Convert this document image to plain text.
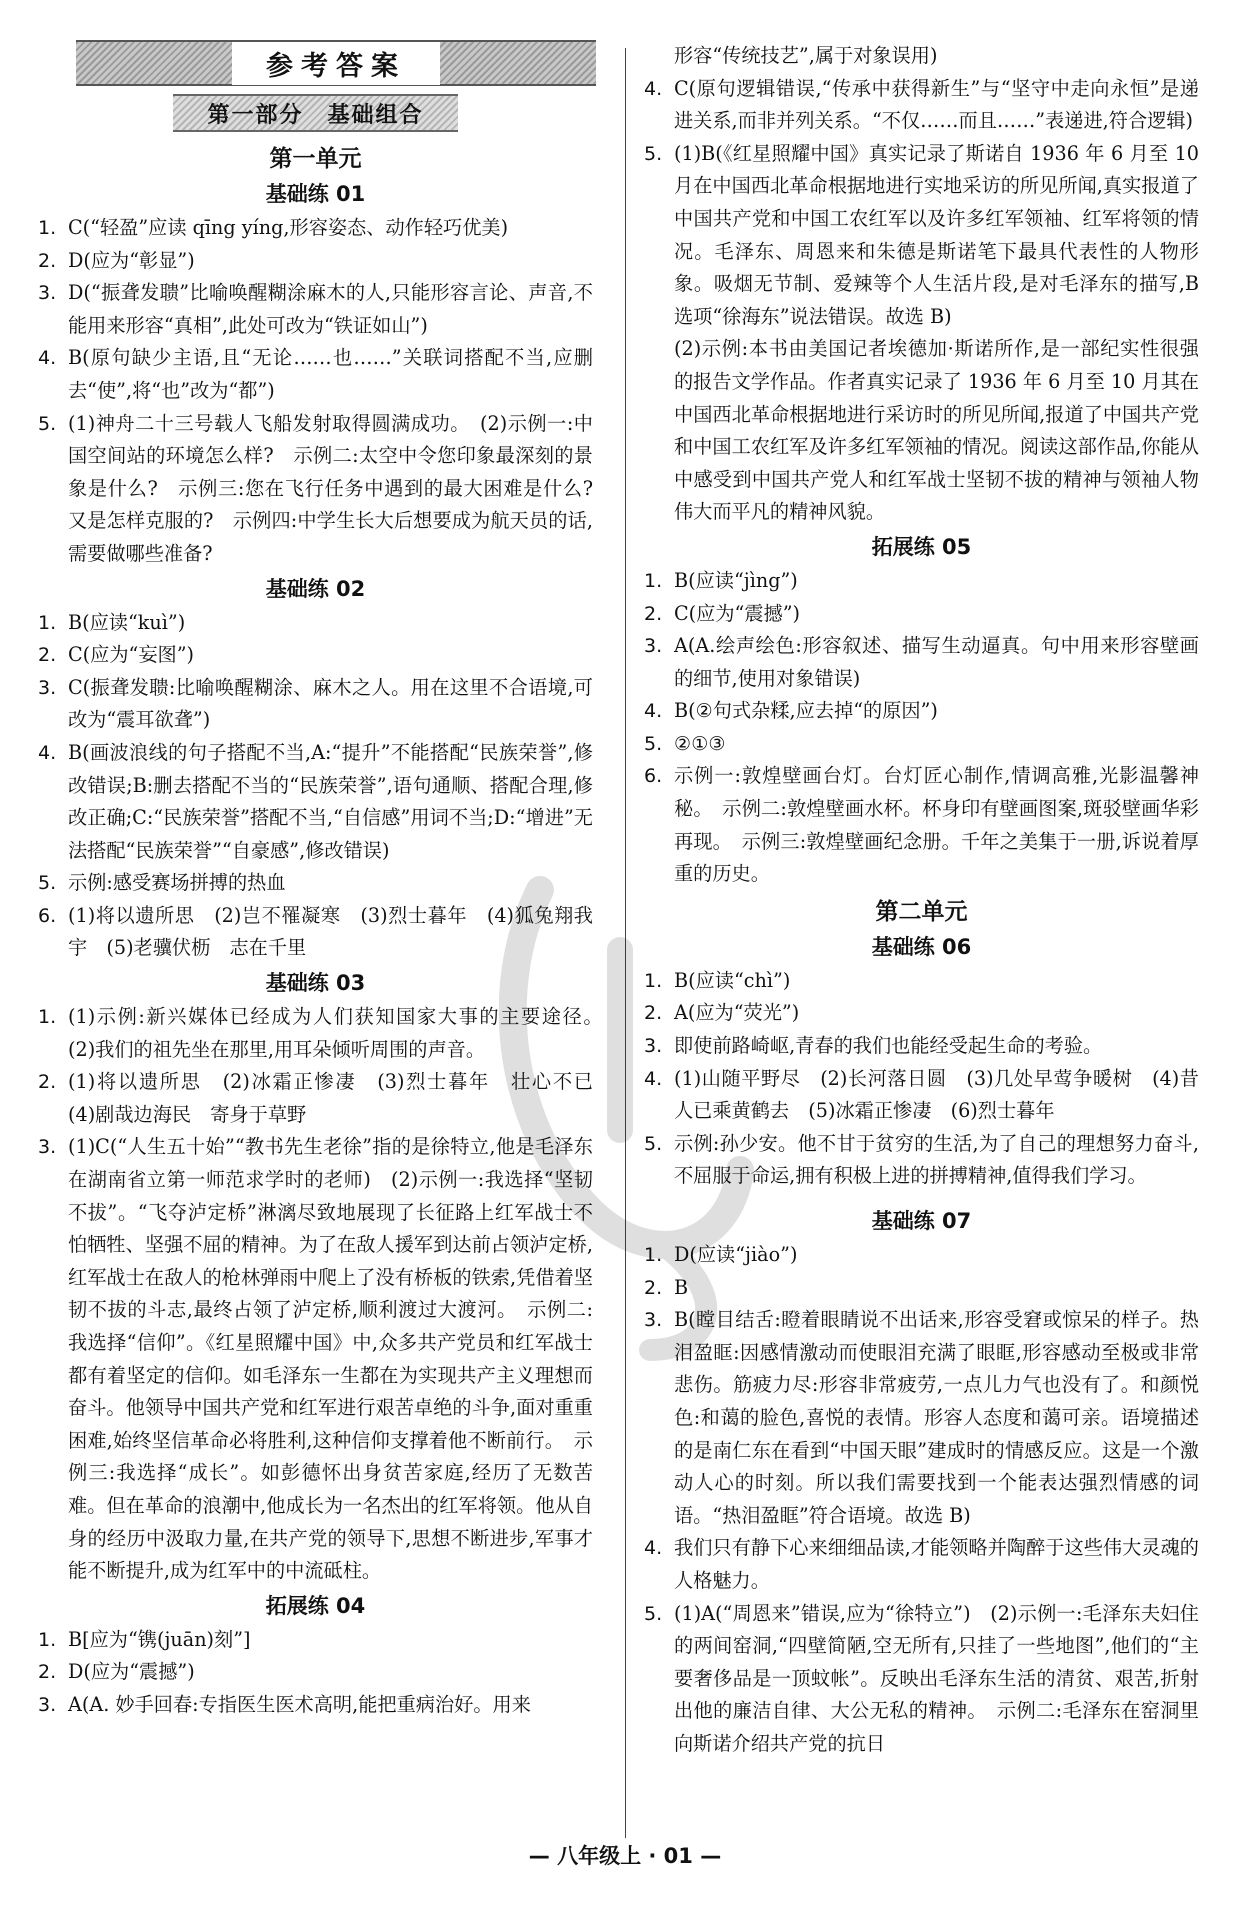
参考答案
第一部分　基础组合
第一单元
基础练 01
1. C(“轻盈”应读 qīng yíng,形容姿态、动作轻巧优美)
2. D(应为“彰显”)
3. D(“振聋发聩”比喻唤醒糊涂麻木的人,只能形容言论、声音,不能用来形容“真相”,此处可改为“铁证如山”)
4. B(原句缺少主语,且“无论……也……”关联词搭配不当,应删去“使”,将“也”改为“都”)
5. (1)神舟二十三号载人飞船发射取得圆满成功。　(2)示例一:中国空间站的环境怎么样?　示例二:太空中令您印象最深刻的景象是什么?　示例三:您在飞行任务中遇到的最大困难是什么?又是怎样克服的?　示例四:中学生长大后想要成为航天员的话,需要做哪些准备?
基础练 02
1. B(应读“kuì”)
2. C(应为“妄图”)
3. C(振聋发聩:比喻唤醒糊涂、麻木之人。用在这里不合语境,可改为“震耳欲聋”)
4. B(画波浪线的句子搭配不当,A:“提升”不能搭配“民族荣誉”,修改错误;B:删去搭配不当的“民族荣誉”,语句通顺、搭配合理,修改正确;C:“民族荣誉”搭配不当,“自信感”用词不当;D:“增进”无法搭配“民族荣誉”“自豪感”,修改错误)
5. 示例:感受赛场拼搏的热血
6. (1)将以遗所思　(2)岂不罹凝寒　(3)烈士暮年　(4)狐兔翔我宇　(5)老骥伏枥　志在千里
基础练 03
1. (1)示例:新兴媒体已经成为人们获知国家大事的主要途径。　(2)我们的祖先坐在那里,用耳朵倾听周围的声音。
2. (1)将以遗所思　(2)冰霜正惨凄　(3)烈士暮年　壮心不已　(4)剧哉边海民　寄身于草野
3. (1)C(“人生五十始”“教书先生老徐”指的是徐特立,他是毛泽东在湖南省立第一师范求学时的老师)　(2)示例一:我选择“坚韧不拔”。“飞夺泸定桥”淋漓尽致地展现了长征路上红军战士不怕牺牲、坚强不屈的精神。为了在敌人援军到达前占领泸定桥,红军战士在敌人的枪林弹雨中爬上了没有桥板的铁索,凭借着坚韧不拔的斗志,最终占领了泸定桥,顺利渡过大渡河。　示例二:我选择“信仰”。《红星照耀中国》中,众多共产党员和红军战士都有着坚定的信仰。如毛泽东一生都在为实现共产主义理想而奋斗。他领导中国共产党和红军进行艰苦卓绝的斗争,面对重重困难,始终坚信革命必将胜利,这种信仰支撑着他不断前行。　示例三:我选择“成长”。如彭德怀出身贫苦家庭,经历了无数苦难。但在革命的浪潮中,他成长为一名杰出的红军将领。他从自身的经历中汲取力量,在共产党的领导下,思想不断进步,军事才能不断提升,成为红军中的中流砥柱。
拓展练 04
1. B[应为“镌(juān)刻”]
2. D(应为“震撼”)
3. A(A. 妙手回春:专指医生医术高明,能把重病治好。用来
形容“传统技艺”,属于对象误用)
4. C(原句逻辑错误,“传承中获得新生”与“坚守中走向永恒”是递进关系,而非并列关系。“不仅……而且……”表递进,符合逻辑)
5. (1)B(《红星照耀中国》真实记录了斯诺自 1936 年 6 月至 10 月在中国西北革命根据地进行实地采访的所见所闻,真实报道了中国共产党和中国工农红军以及许多红军领袖、红军将领的情况。毛泽东、周恩来和朱德是斯诺笔下最具代表性的人物形象。吸烟无节制、爱辣等个人生活片段,是对毛泽东的描写,B 选项“徐海东”说法错误。故选 B)
(2)示例:本书由美国记者埃德加·斯诺所作,是一部纪实性很强的报告文学作品。作者真实记录了 1936 年 6 月至 10 月其在中国西北革命根据地进行采访时的所见所闻,报道了中国共产党和中国工农红军及许多红军领袖的情况。阅读这部作品,你能从中感受到中国共产党人和红军战士坚韧不拔的精神与领袖人物伟大而平凡的精神风貌。
拓展练 05
1. B(应读“jìng”)
2. C(应为“震撼”)
3. A(A.绘声绘色:形容叙述、描写生动逼真。句中用来形容壁画的细节,使用对象错误)
4. B(②句式杂糅,应去掉“的原因”)
5. ②①③
6. 示例一:敦煌壁画台灯。台灯匠心制作,情调高雅,光影温馨神秘。　示例二:敦煌壁画水杯。杯身印有壁画图案,斑驳壁画华彩再现。　示例三:敦煌壁画纪念册。千年之美集于一册,诉说着厚重的历史。
第二单元
基础练 06
1. B(应读“chì”)
2. A(应为“荧光”)
3. 即使前路崎岖,青春的我们也能经受起生命的考验。
4. (1)山随平野尽　(2)长河落日圆　(3)几处早莺争暖树　(4)昔人已乘黄鹤去　(5)冰霜正惨凄　(6)烈士暮年
5. 示例:孙少安。他不甘于贫穷的生活,为了自己的理想努力奋斗,不屈服于命运,拥有积极上进的拼搏精神,值得我们学习。
基础练 07
1. D(应读“jiào”)
2. B
3. B(瞠目结舌:瞪着眼睛说不出话来,形容受窘或惊呆的样子。热泪盈眶:因感情激动而使眼泪充满了眼眶,形容感动至极或非常悲伤。筋疲力尽:形容非常疲劳,一点儿力气也没有了。和颜悦色:和蔼的脸色,喜悦的表情。形容人态度和蔼可亲。语境描述的是南仁东在看到“中国天眼”建成时的情感反应。这是一个激动人心的时刻。所以我们需要找到一个能表达强烈情感的词语。“热泪盈眶”符合语境。故选 B)
4. 我们只有静下心来细细品读,才能领略并陶醉于这些伟大灵魂的人格魅力。
5. (1)A(“周恩来”错误,应为“徐特立”)　(2)示例一:毛泽东夫妇住的两间窑洞,“四壁简陋,空无所有,只挂了一些地图”,他们的“主要奢侈品是一顶蚊帐”。反映出毛泽东生活的清贫、艰苦,折射出他的廉洁自律、大公无私的精神。　示例二:毛泽东在窑洞里向斯诺介绍共产党的抗日
— 八年级上 · 01 —
